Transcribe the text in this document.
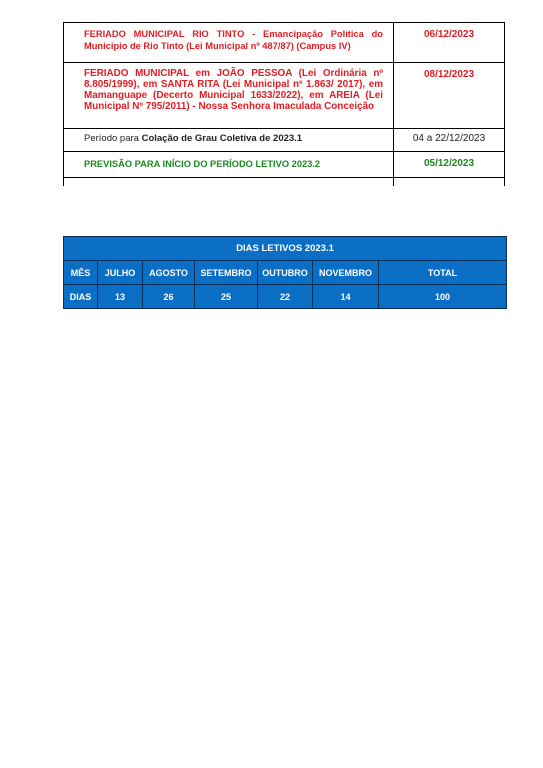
FERIADO MUNICIPAL RIO TINTO - Emancipação Política do Município de Rio Tinto (Lei Municipal nº 487/87) (Campus IV)	06/12/2023
FERIADO MUNICIPAL em JOÃO PESSOA (Lei Ordinária nº 8.805/1999), em SANTA RITA (Lei Municipal nº 1.863/ 2017), em Mamanguape (Decerto Municipal 1633/2022), em AREIA (Lei Municipal Nº 795/2011) - Nossa Senhora Imaculada Conceição	08/12/2023
Período para Colação de Grau Coletiva de 2023.1	04 a 22/12/2023
PREVISÃO PARA INÍCIO DO PERÍODO LETIVO 2023.2	05/12/2023

DIAS LETIVOS 2023.1						
MÊS	JULHO	AGOSTO	SETEMBRO	OUTUBRO	NOVEMBRO	TOTAL
DIAS	13	26	25	22	14	100
